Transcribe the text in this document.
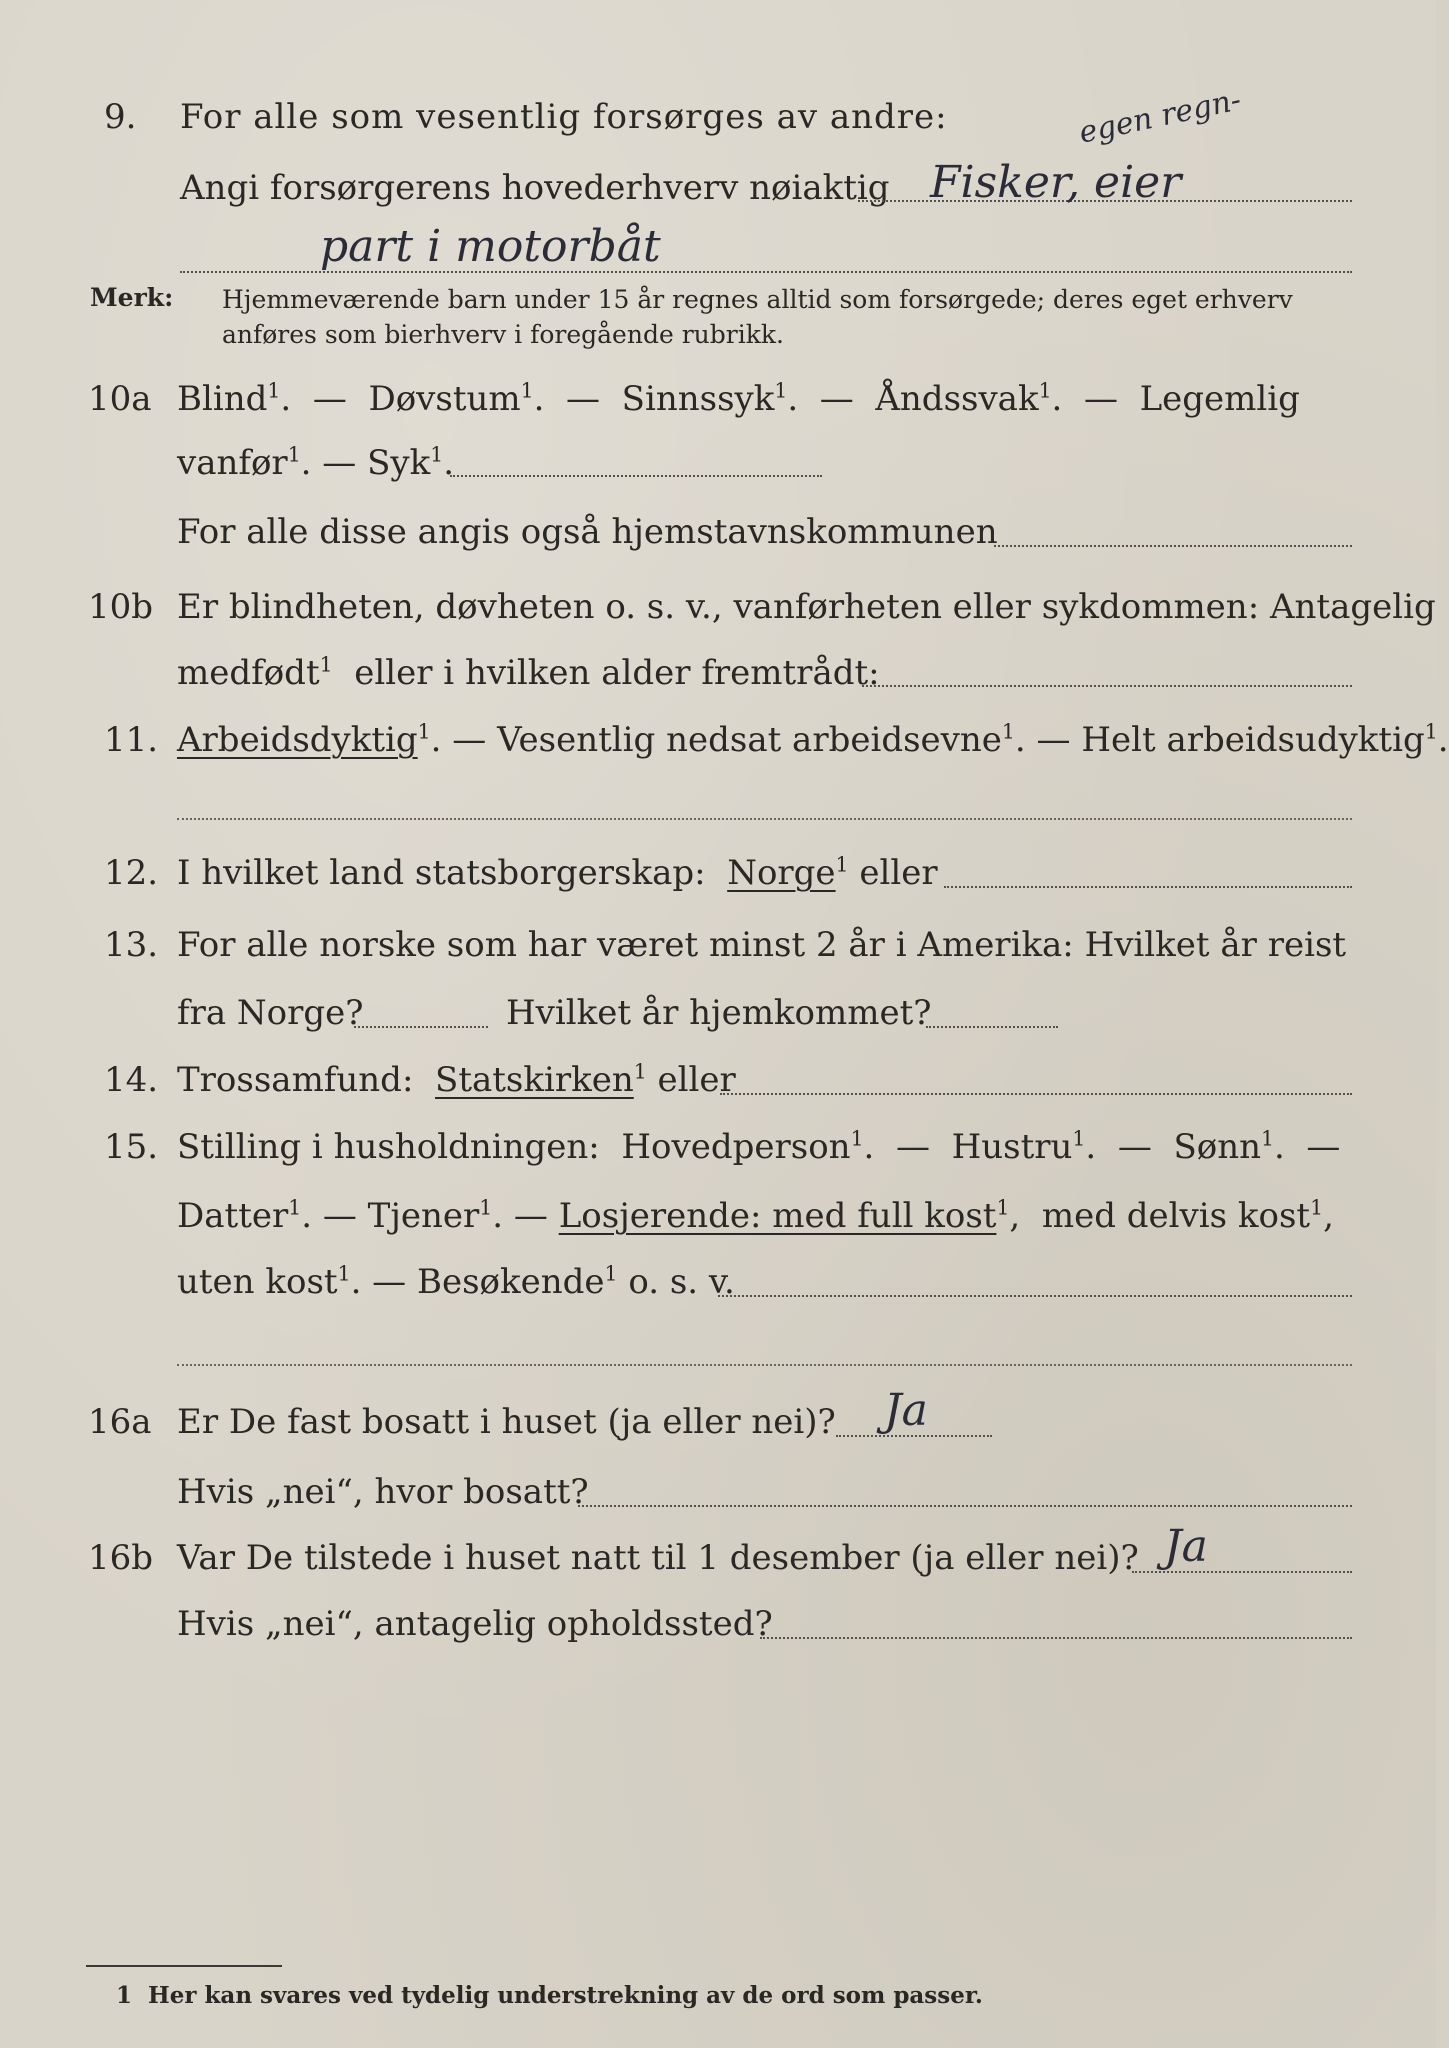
9. For alle som vesentlig forsørges av andre:	egen regn-
Angi forsørgerens hovederhverv nøiaktig Fisker, eier
part i motorbåt
Merk: Hjemmeværende barn under 15 år regnes alltid som forsørgede; deres eget erhverv
anføres som bierhverv i foregående rubrikk.
10a Blind$^1$.  —  Døvstum$^1$.  —  Sinnssyk$^1$.  —  Åndssvak$^1$.  —  Legemlig
vanfør$^1$. — Syk$^1$.
For alle disse angis også hjemstavnskommunen
10b Er blindheten, døvheten o. s. v., vanførheten eller sykdommen: Antagelig
medfødt$^1$ eller i hvilken alder fremtrådt:
11. Arbeidsdyktig$^1$. — Vesentlig nedsat arbeidsevne$^1$. — Helt arbeidsudyktig$^1$.
12. I hvilket land statsborgerskap: Norge$^1$ eller
13. For alle norske som har været minst 2 år i Amerika: Hvilket år reist
fra Norge?	Hvilket år hjemkommet?
14. Trossamfund: Statskirken$^1$ eller
15. Stilling i husholdningen: Hovedperson$^1$.  —  Hustru$^1$.  —  Sønn$^1$.  —
Datter$^1$. — Tjener$^1$. — Losjerende: med full kost$^1$,  med delvis kost$^1$,
uten kost$^1$. — Besøkende$^1$ o. s. v.
16a Er De fast bosatt i huset (ja eller nei)? Ja
Hvis „nei“, hvor bosatt?
16b Var De tilstede i huset natt til 1 desember (ja eller nei)? Ja
Hvis „nei“, antagelig opholdssted?
1 Her kan svares ved tydelig understrekning av de ord som passer.
